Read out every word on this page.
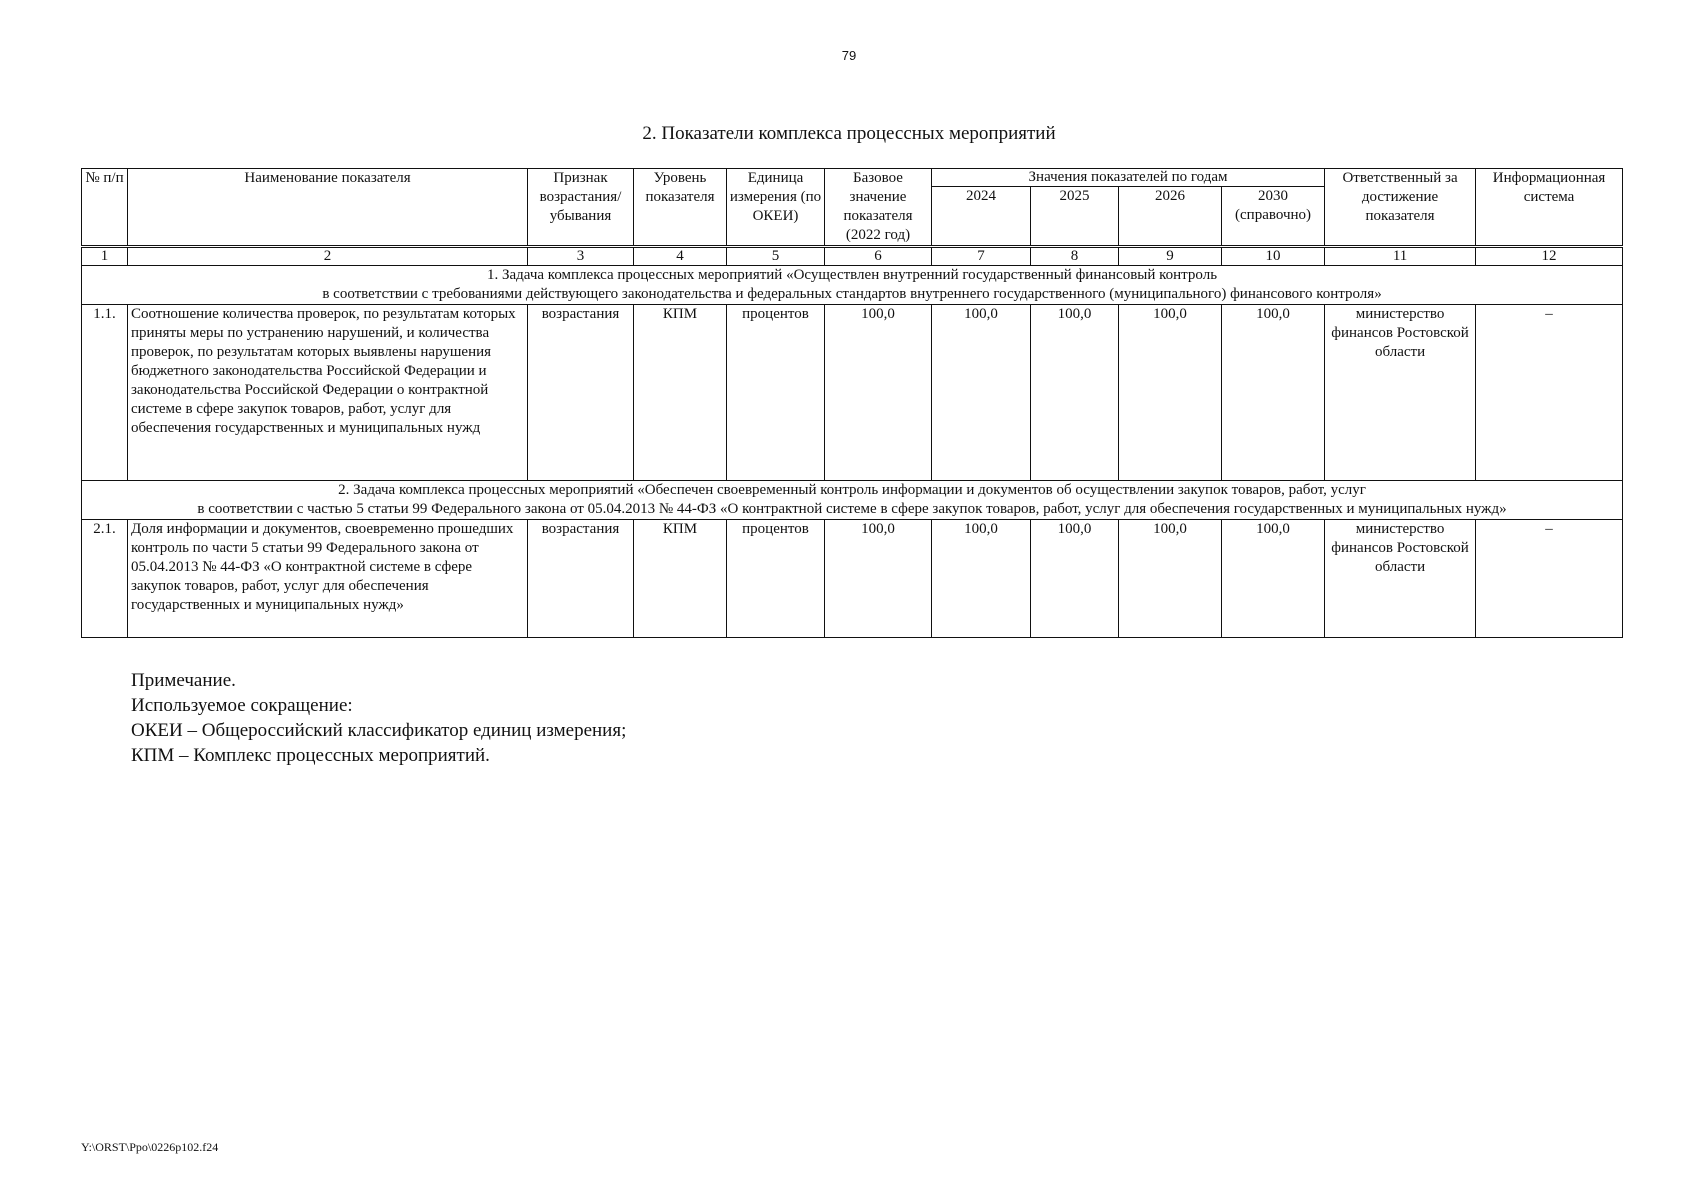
79
2. Показатели комплекса процессных мероприятий
№ п/п	Наименование показателя	Признак возрастания/ убывания	Уровень показателя	Единица измерения (по ОКЕИ)	Базовое значение показателя (2022 год)	Значения показателей по годам				Ответственный за достижение показателя	Информационная система
						2024	2025	2026	2030 (справочно)		
1	2	3	4	5	6	7	8	9	10	11	12

1. Задача комплекса процессных мероприятий «Осуществлен внутренний государственный финансовый контроль
в соответствии с требованиями действующего законодательства и федеральных стандартов внутреннего государственного (муниципального) финансового контроля»											

1.1.	Соотношение количества проверок, по результатам которых приняты меры по устранению нарушений, и количества проверок, по результатам которых выявлены нарушения бюджетного законодательства Российской Федерации и законодательства Российской Федерации о контрактной системе в сфере закупок товаров, работ, услуг для обеспечения государственных и муниципальных нужд	возрастания	КПМ	процентов	100,0	100,0	100,0	100,0	100,0	министерство финансов Ростовской области	–

2. Задача комплекса процессных мероприятий «Обеспечен своевременный контроль информации и документов об осуществлении закупок товаров, работ, услуг
в соответствии с частью 5 статьи 99 Федерального закона от 05.04.2013 № 44-ФЗ «О контрактной системе в сфере закупок товаров, работ, услуг для обеспечения государственных и муниципальных нужд»											

2.1.	Доля информации и документов, своевременно прошедших контроль по части 5 статьи 99 Федерального закона от 05.04.2013 № 44-ФЗ «О контрактной системе в сфере закупок товаров, работ, услуг для обеспечения государственных и муниципальных нужд»	возрастания	КПМ	процентов	100,0	100,0	100,0	100,0	100,0	министерство финансов Ростовской области	–
Примечание.
Используемое сокращение:
ОКЕИ – Общероссийский классификатор единиц измерения;
КПМ – Комплекс процессных мероприятий.
Y:\ORST\Ppo\0226p102.f24
